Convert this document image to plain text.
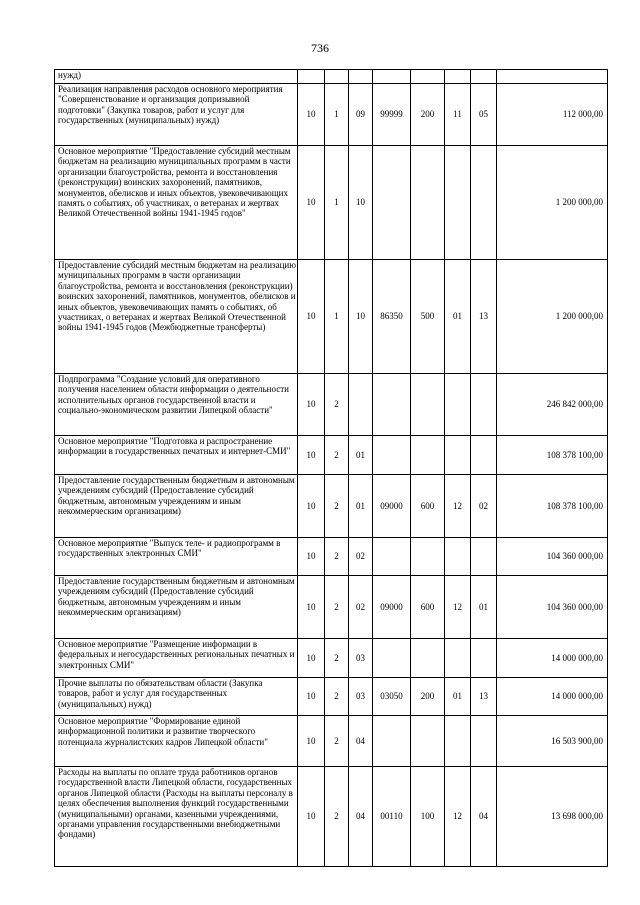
736
нужд)								
Реализация направления расходов основного мероприятия "Совершенствование и организация допризывной подготовки" (Закупка товаров, работ и услуг для государственных (муниципальных) нужд)	10	1	09	99999	200	11	05	112 000,00
Основное мероприятие "Предоставление субсидий местным бюджетам на реализацию муниципальных программ в части организации благоустройства, ремонта и восстановления (реконструкции) воинских захоронений, памятников, монументов, обелисков и иных объектов, увековечивающих память о событиях, об участниках, о ветеранах и жертвах Великой Отечественной войны 1941-1945 годов"	10	1	10					1 200 000,00
Предоставление субсидий местным бюджетам на реализацию муниципальных программ в части организации благоустройства, ремонта и восстановления (реконструкции) воинских захоронений, памятников, монументов, обелисков и иных объектов, увековечивающих память о событиях, об участниках, о ветеранах и жертвах Великой Отечественной войны 1941-1945 годов (Межбюджетные трансферты)	10	1	10	86350	500	01	13	1 200 000,00
Подпрограмма "Создание условий для оперативного получения населением области информации о деятельности исполнительных органов государственной власти и социально-экономическом развитии Липецкой области"	10	2						246 842 000,00
Основное мероприятие "Подготовка и распространение информации в государственных печатных и интернет-СМИ"	10	2	01					108 378 100,00
Предоставление государственным бюджетным и автономным учреждениям субсидий (Предоставление субсидий бюджетным, автономным учреждениям и иным некоммерческим организациям)	10	2	01	09000	600	12	02	108 378 100,00
Основное мероприятие "Выпуск теле- и радиопрограмм в государственных электронных СМИ"	10	2	02					104 360 000,00
Предоставление государственным бюджетным и автономным учреждениям субсидий (Предоставление субсидий бюджетным, автономным учреждениям и иным некоммерческим организациям)	10	2	02	09000	600	12	01	104 360 000,00
Основное мероприятие "Размещение информации в федеральных и негосударственных региональных печатных и электронных СМИ"	10	2	03					14 000 000,00
Прочие выплаты по обязательствам области (Закупка товаров, работ и услуг для государственных (муниципальных) нужд)	10	2	03	03050	200	01	13	14 000 000,00
Основное мероприятие "Формирование единой информационной политики и развитие творческого потенциала журналистских кадров Липецкой области"	10	2	04					16 503 900,00
Расходы на выплаты по оплате труда работников органов государственной власти Липецкой области, государственных органов Липецкой области (Расходы на выплаты персоналу в целях обеспечения выполнения функций государственными (муниципальными) органами, казенными учреждениями, органами управления государственными внебюджетными фондами)	10	2	04	00110	100	12	04	13 698 000,00
